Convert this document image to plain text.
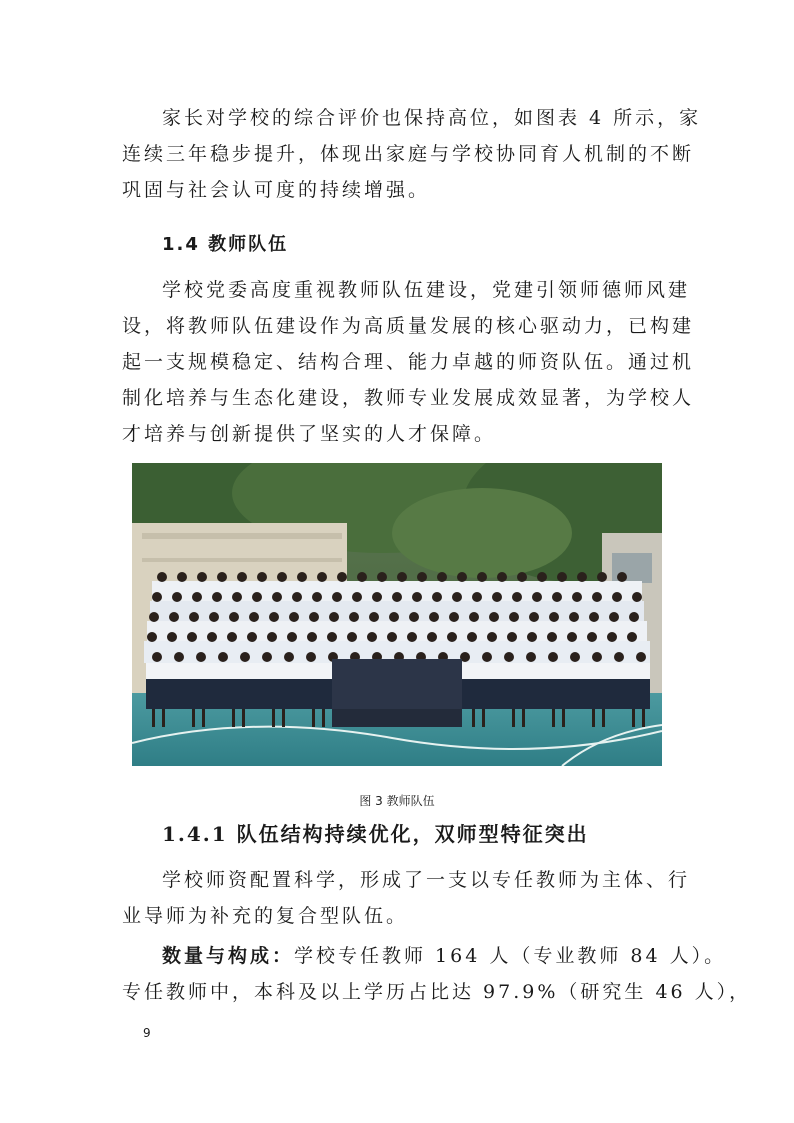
家长对学校的综合评价也保持高位，如图表 4 所示，家
连续三年稳步提升，体现出家庭与学校协同育人机制的不断
巩固与社会认可度的持续增强。

1.4 教师队伍

学校党委高度重视教师队伍建设，党建引领师德师风建
设，将教师队伍建设作为高质量发展的核心驱动力，已构建
起一支规模稳定、结构合理、能力卓越的师资队伍。通过机
制化培养与生态化建设，教师专业发展成效显著，为学校人
才培养与创新提供了坚实的人才保障。

图 3 教师队伍
1.4.1 队伍结构持续优化，双师型特征突出

学校师资配置科学，形成了一支以专任教师为主体、行
业导师为补充的复合型队伍。

数量与构成：学校专任教师 164 人（专业教师 84 人）。
专任教师中，本科及以上学历占比达 97.9%（研究生 46 人），

9
